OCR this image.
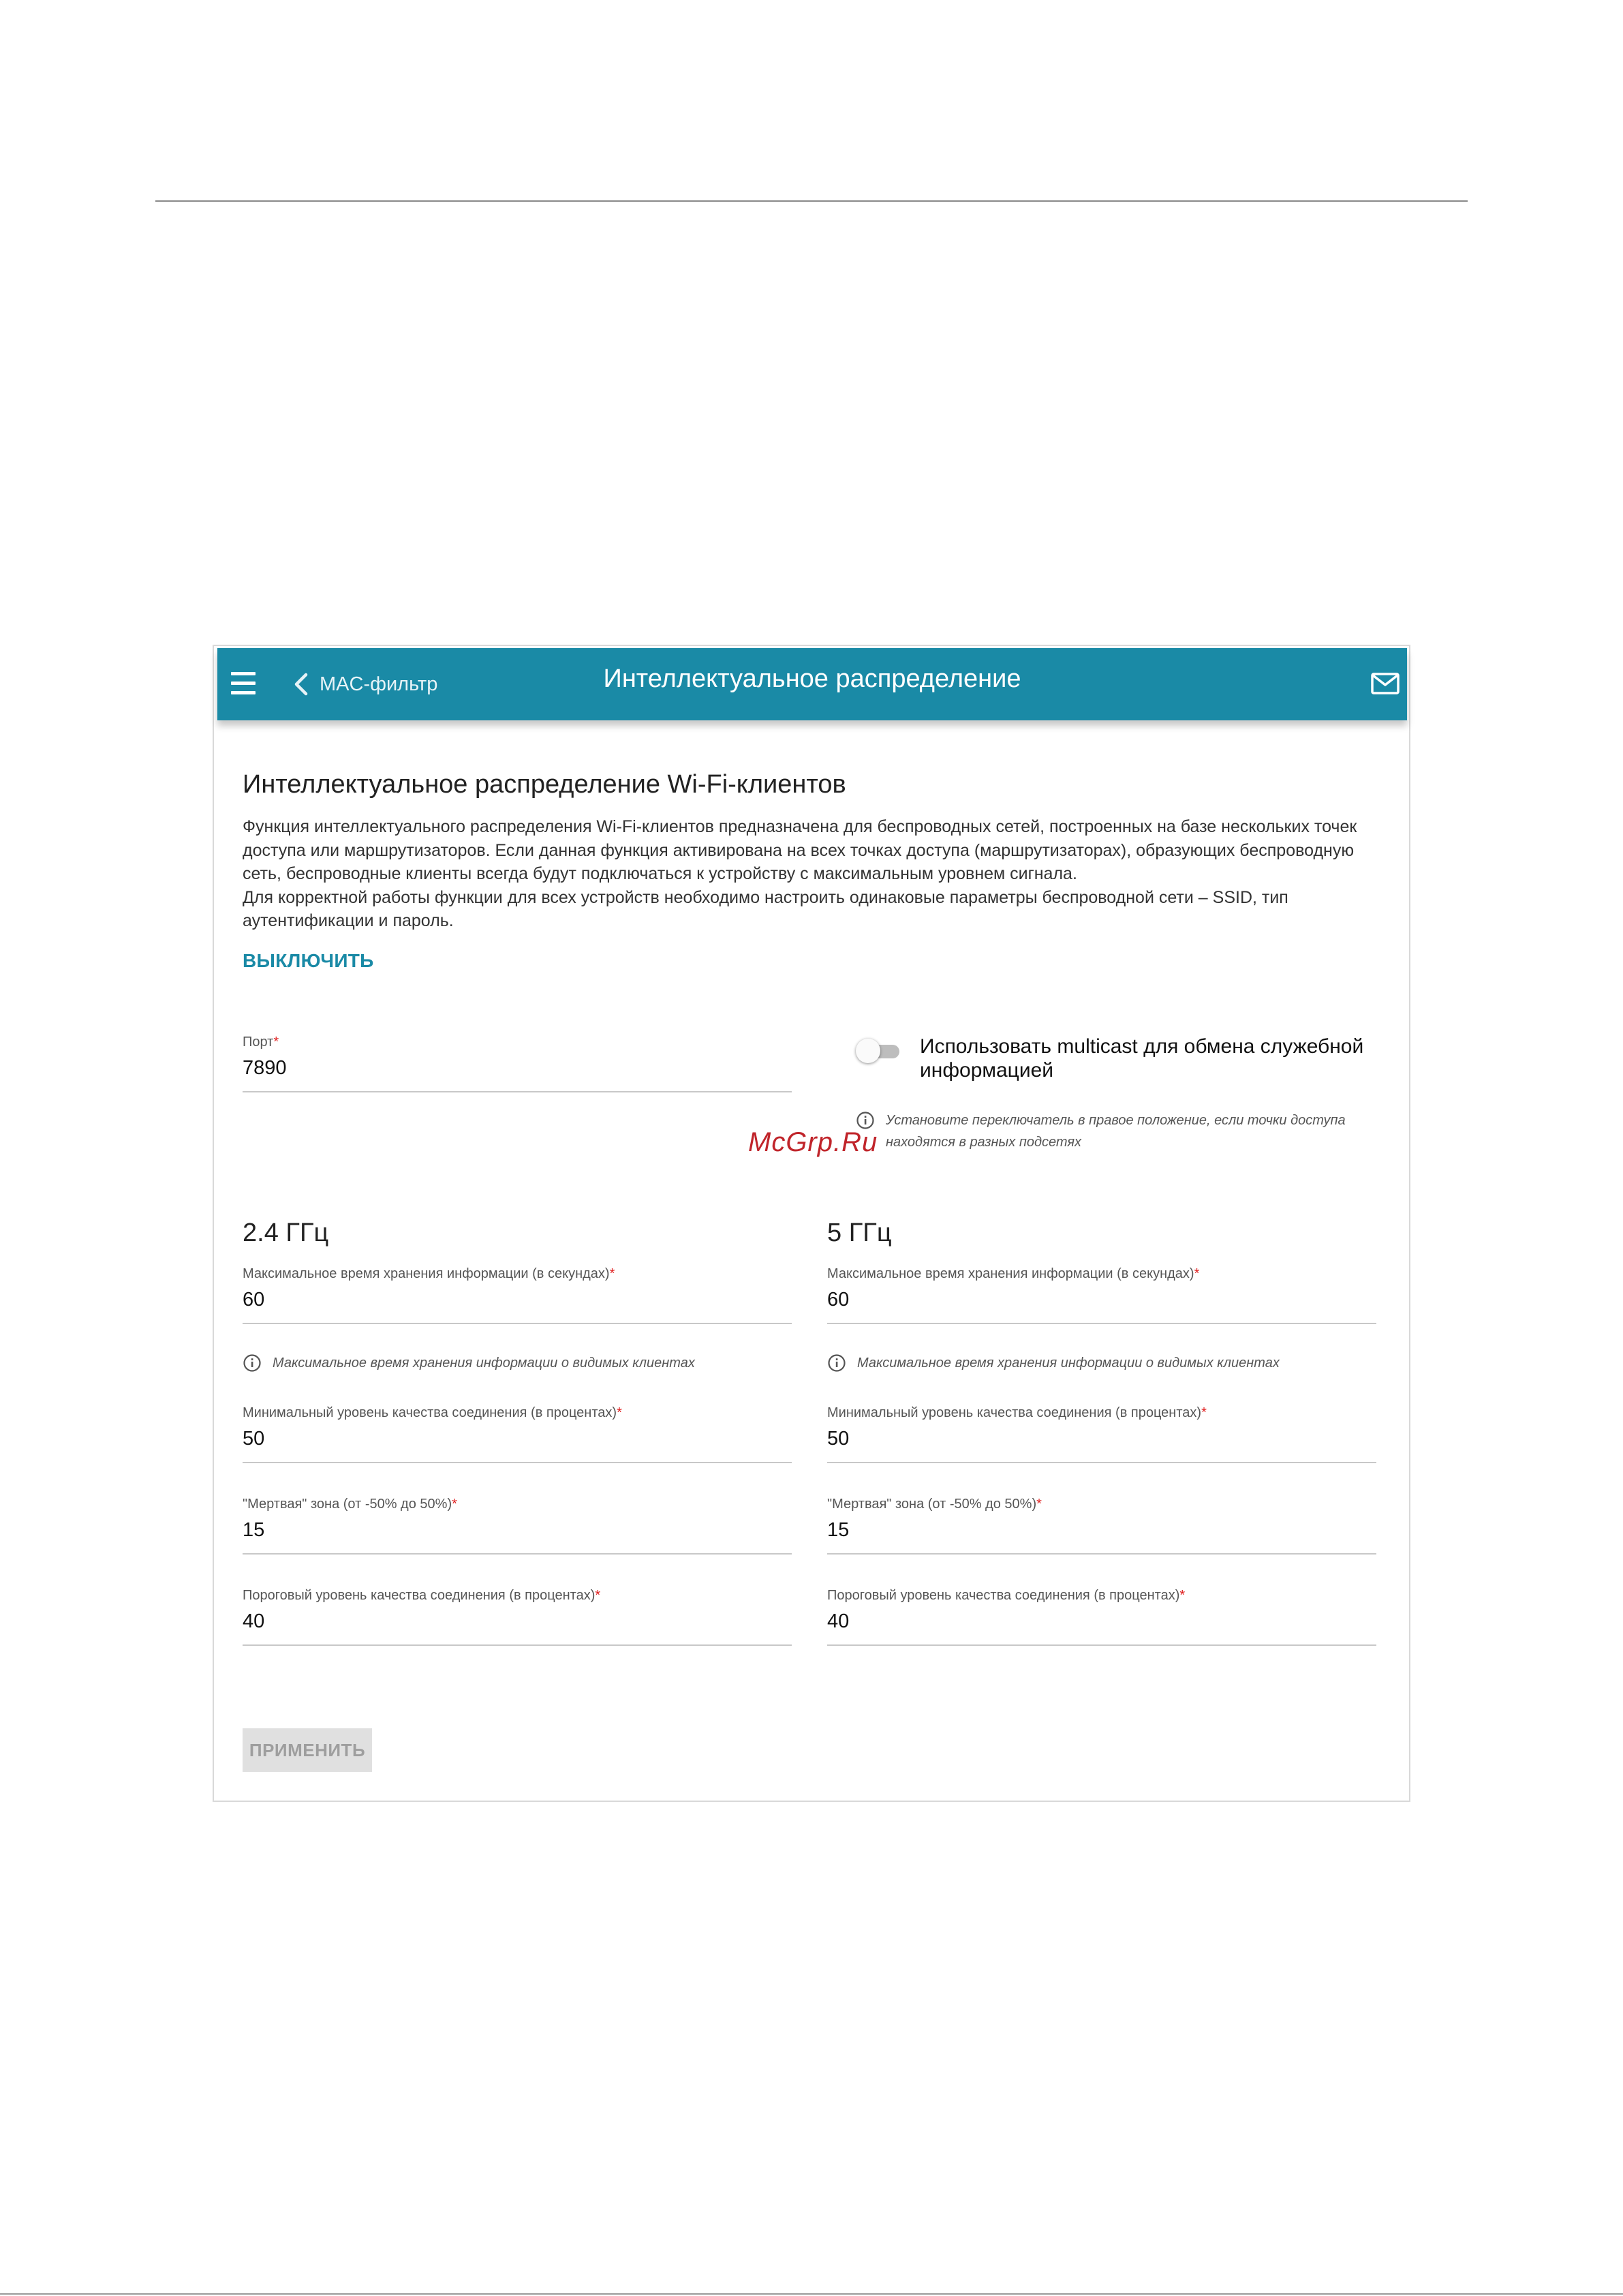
MAC-фильтр	Интеллектуальное распределение
Интеллектуальное распределение Wi-Fi-клиентов

Функция интеллектуального распределения Wi-Fi-клиентов предназначена для беспроводных сетей, построенных на базе нескольких точек доступа или маршрутизаторов. Если данная функция активирована на всех точках доступа (маршрутизаторах), образующих беспроводную сеть, беспроводные клиенты всегда будут подключаться к устройству с максимальным уровнем сигнала.

Для корректной работы функции для всех устройств необходимо настроить одинаковые параметры беспроводной сети – SSID, тип аутентификации и пароль.

ВЫКЛЮЧИТЬ
Порт*
7890
Использовать multicast для обмена служебной информацией
Установите переключатель в правое положение, если точки доступа находятся в разных подсетях
2.4 ГГц
Максимальное время хранения информации (в секундах)*
60
Максимальное время хранения информации о видимых клиентах
Минимальный уровень качества соединения (в процентах)*
50
"Мертвая" зона (от -50% до 50%)*
15
Пороговый уровень качества соединения (в процентах)*
40
5 ГГц
Максимальное время хранения информации (в секундах)*
60
Максимальное время хранения информации о видимых клиентах
Минимальный уровень качества соединения (в процентах)*
50
"Мертвая" зона (от -50% до 50%)*
15
Пороговый уровень качества соединения (в процентах)*
40
ПРИМЕНИТЬ
McGrp.Ru
